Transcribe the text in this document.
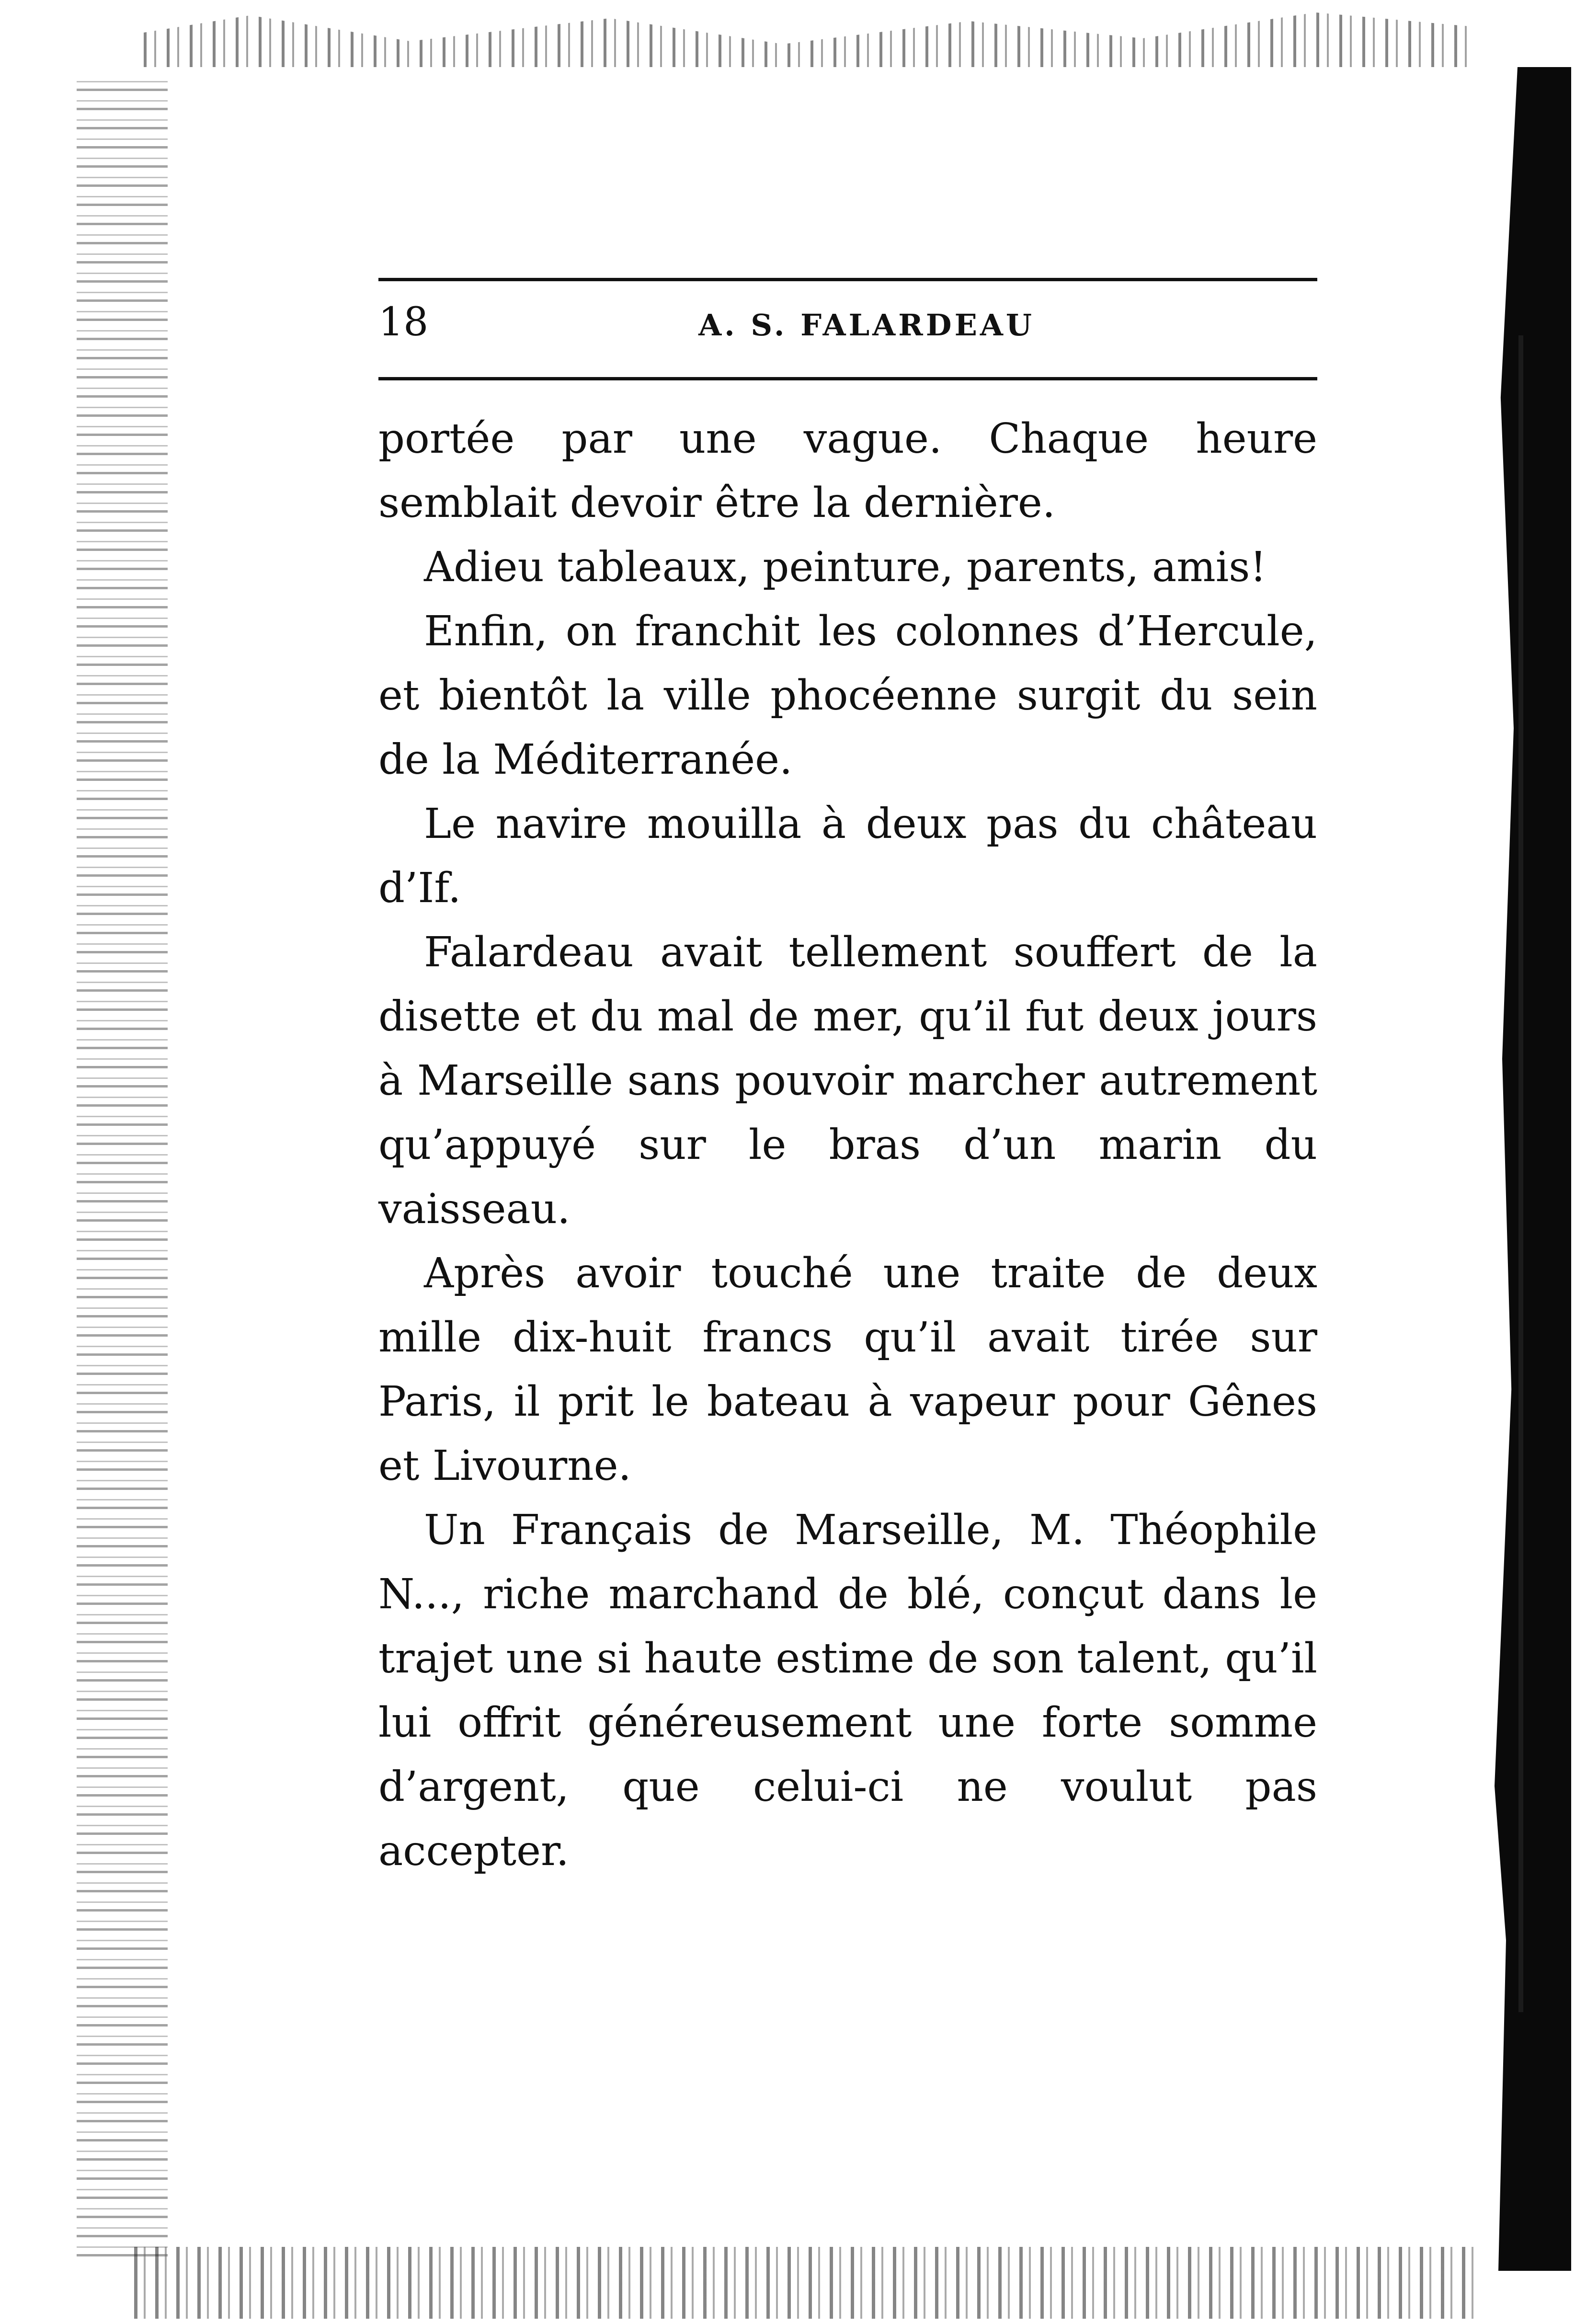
18	A. S. FALARDEAU

portée par une vague. Chaque heure semblait devoir être la dernière.

Adieu tableaux, peinture, parents, amis!

Enfin, on franchit les colonnes d’Hercule, et bientôt la ville phocéenne surgit du sein de la Méditerranée.

Le navire mouilla à deux pas du château d’If.

Falardeau avait tellement souffert de la disette et du mal de mer, qu’il fut deux jours à Marseille sans pouvoir marcher autrement qu’appuyé sur le bras d’un marin du vaisseau.

Après avoir touché une traite de deux mille dix-huit francs qu’il avait tirée sur Paris, il prit le bateau à vapeur pour Gênes et Livourne.

Un Français de Marseille, M. Théophile N..., riche marchand de blé, conçut dans le trajet une si haute estime de son talent, qu’il lui offrit généreusement une forte somme d’argent, que celui-ci ne voulut pas accepter.
